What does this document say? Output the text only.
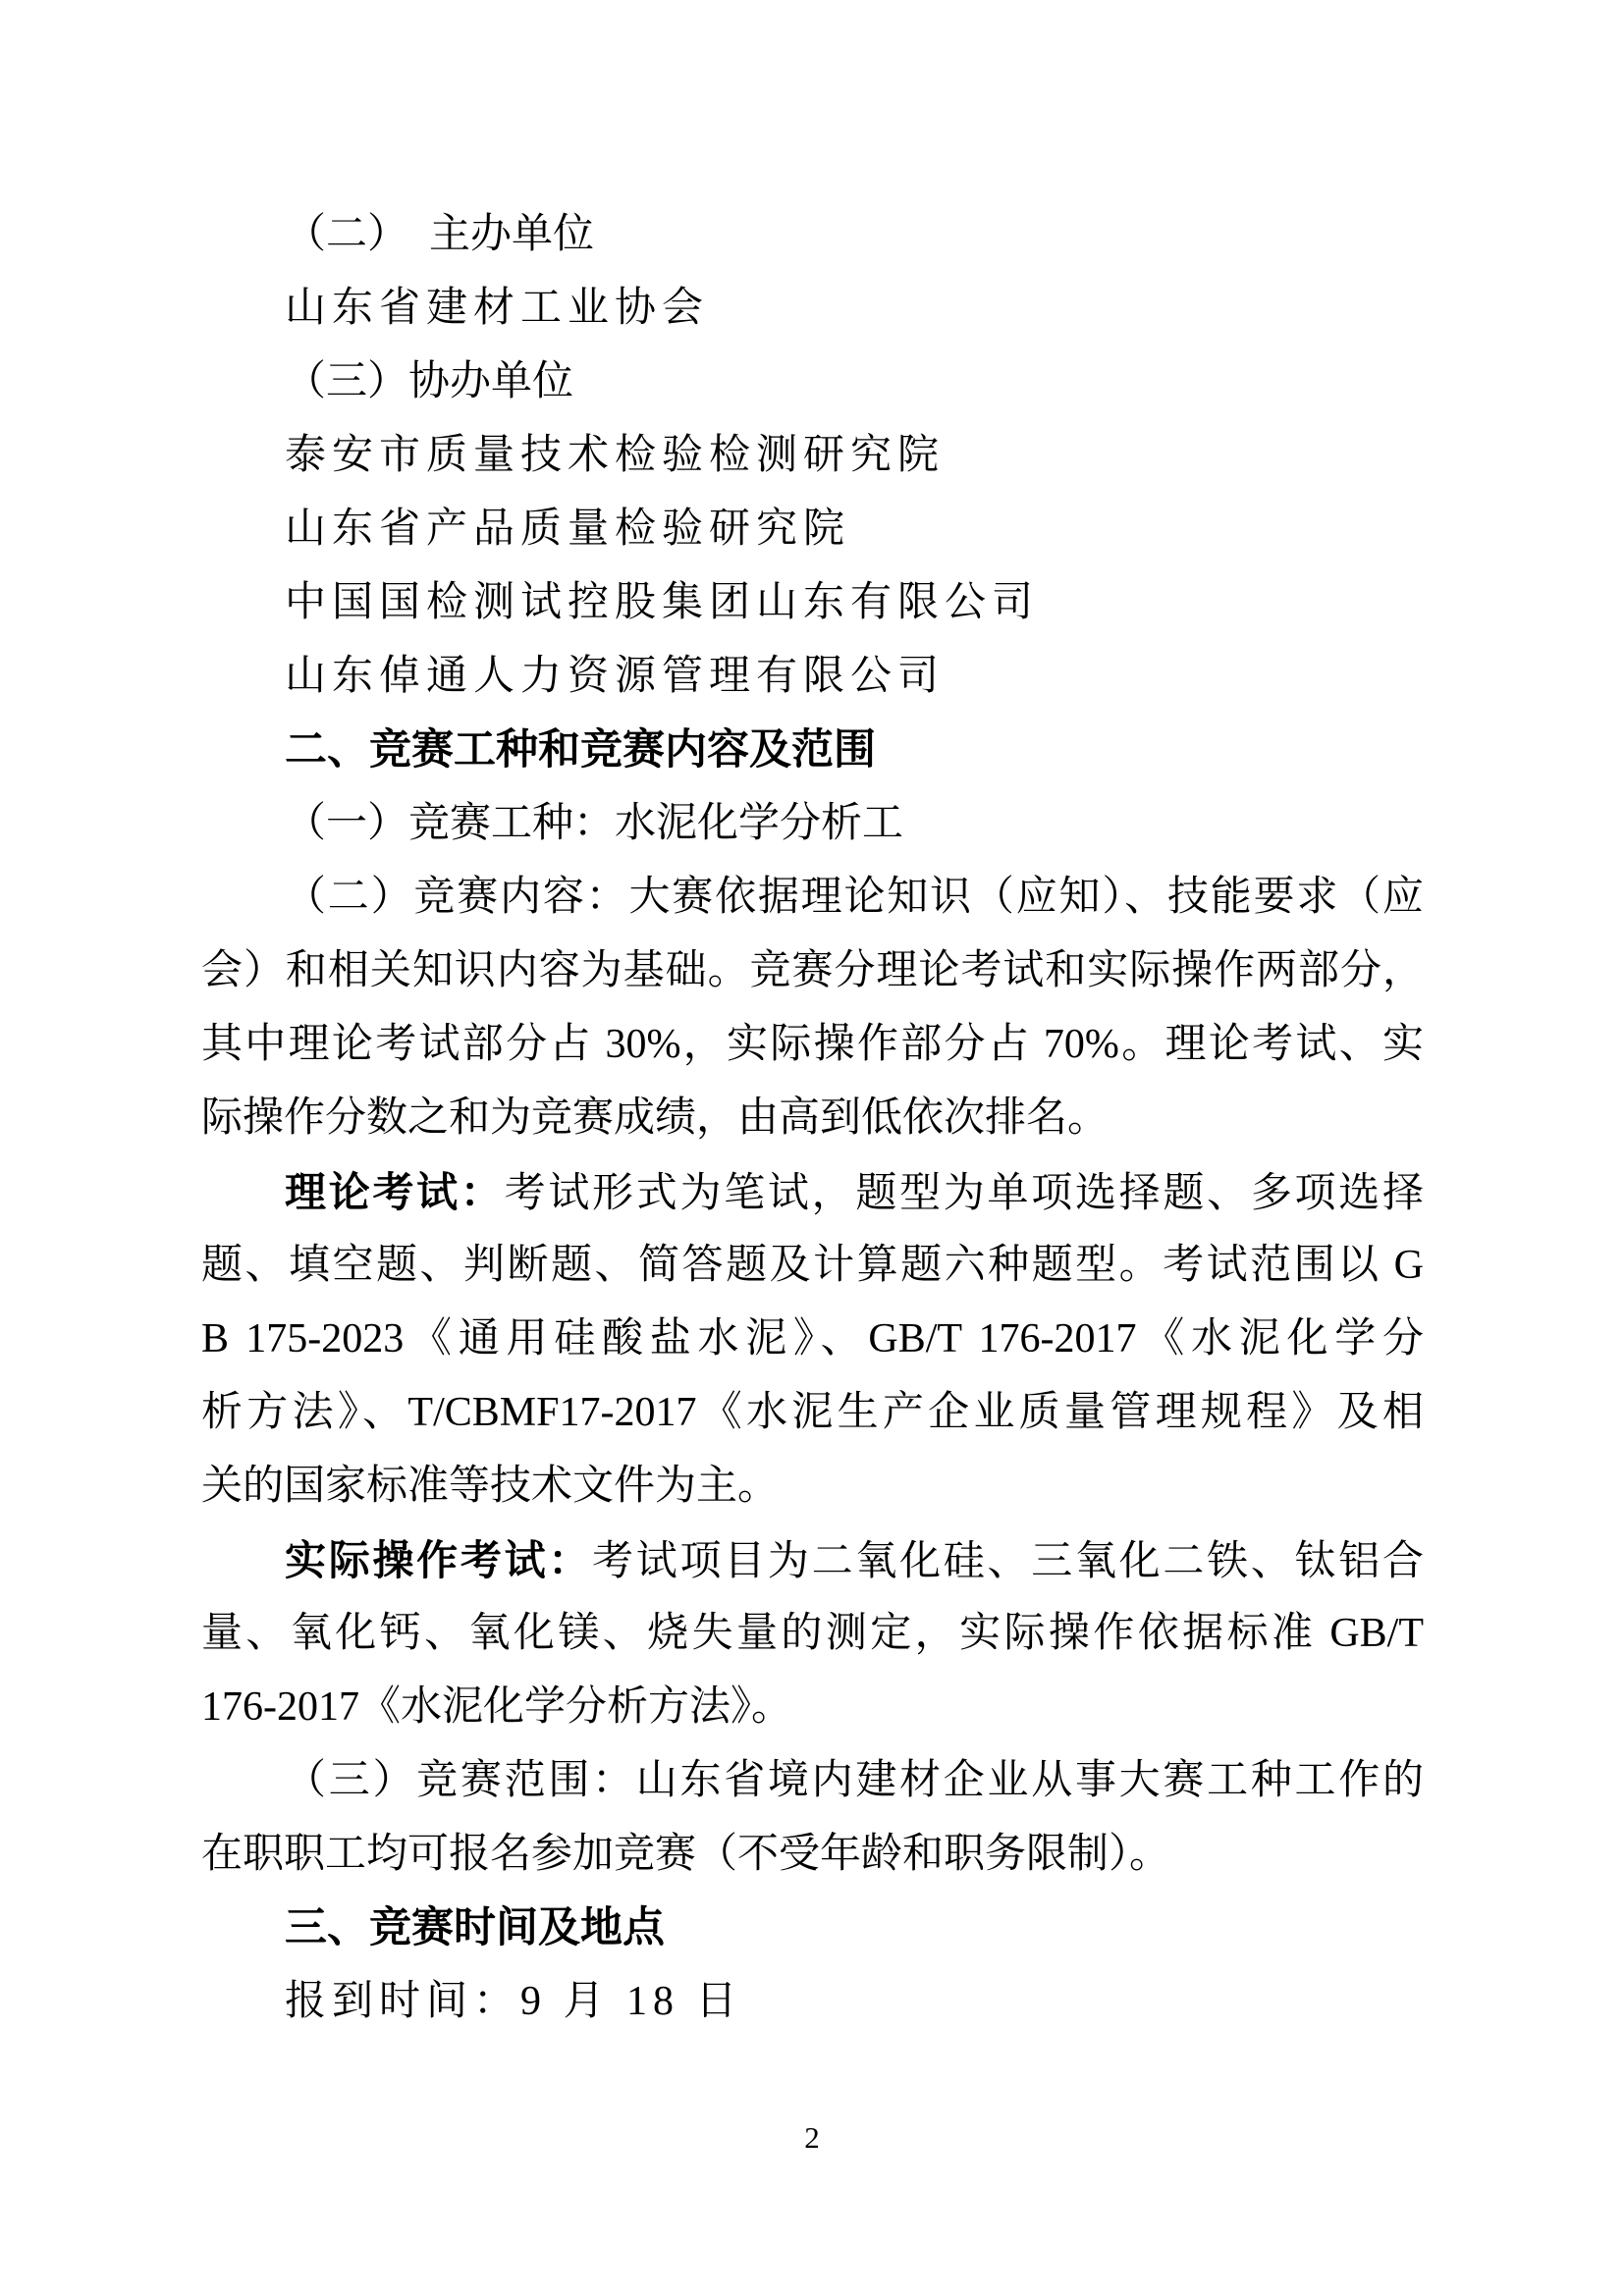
（二）　主办单位
山东省建材工业协会
（三）协办单位
泰安市质量技术检验检测研究院
山东省产品质量检验研究院
中国国检测试控股集团山东有限公司
山东倬通人力资源管理有限公司
二、竞赛工种和竞赛内容及范围
（一）竞赛工种：水泥化学分析工
（二）竞赛内容：大赛依据理论知识（应知）、技能要求（应
会）和相关知识内容为基础。竞赛分理论考试和实际操作两部分，
其中理论考试部分占 30%，实际操作部分占 70%。理论考试、实
际操作分数之和为竞赛成绩，由高到低依次排名。
理论考试：考试形式为笔试，题型为单项选择题、多项选择
题、填空题、判断题、简答题及计算题六种题型。考试范围以 G
B 175-2023《通用硅酸盐水泥》、GB/T 176-2017《水泥化学分
析方法》、T/CBMF17-2017《水泥生产企业质量管理规程》及相
关的国家标准等技术文件为主。
实际操作考试：考试项目为二氧化硅、三氧化二铁、钛铝合
量、氧化钙、氧化镁、烧失量的测定，实际操作依据标准 GB/T
176-2017《水泥化学分析方法》。
（三）竞赛范围：山东省境内建材企业从事大赛工种工作的
在职职工均可报名参加竞赛（不受年龄和职务限制）。
三、竞赛时间及地点
报到时间：9 月 18 日
2
